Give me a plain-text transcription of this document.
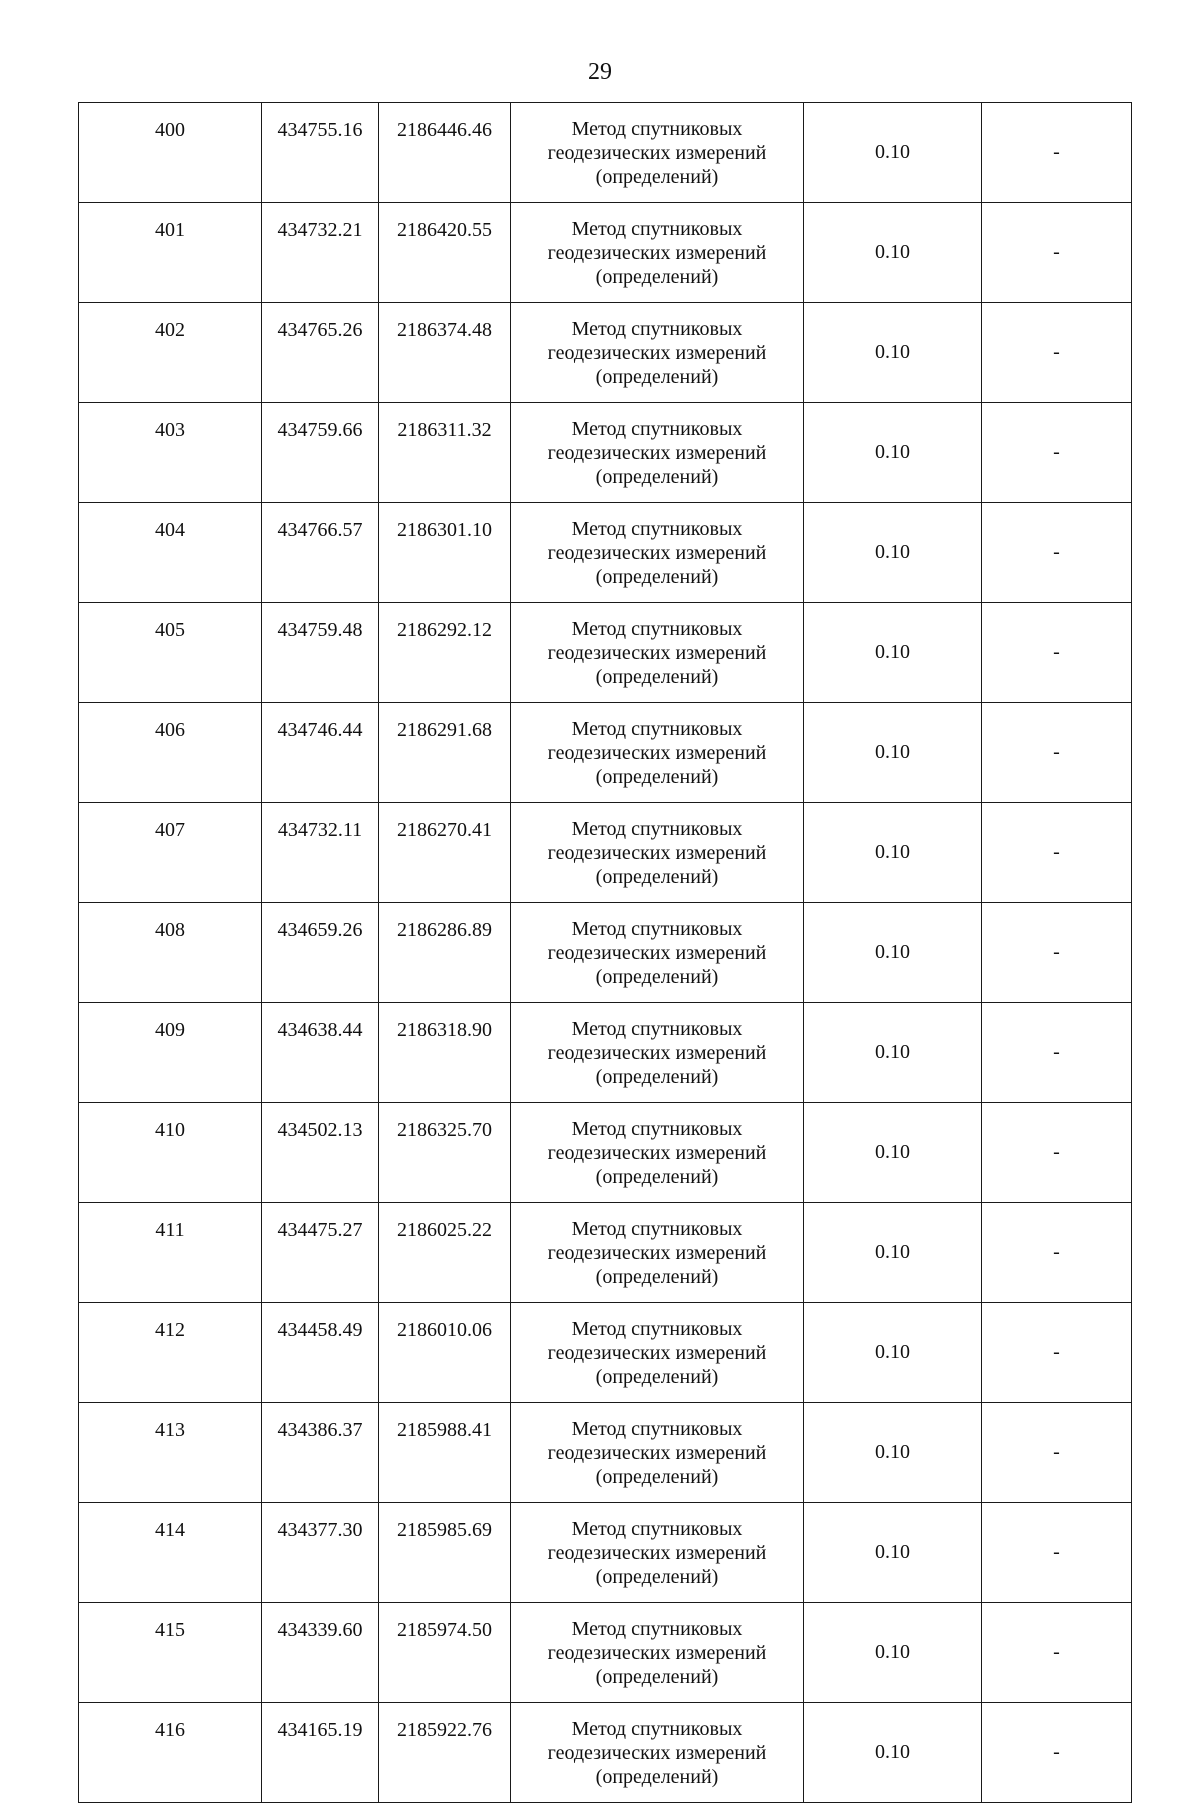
29
400	434755.16	2186446.46	Метод спутниковых
геодезических измерений
(определений)	0.10	-
401	434732.21	2186420.55	Метод спутниковых
геодезических измерений
(определений)	0.10	-
402	434765.26	2186374.48	Метод спутниковых
геодезических измерений
(определений)	0.10	-
403	434759.66	2186311.32	Метод спутниковых
геодезических измерений
(определений)	0.10	-
404	434766.57	2186301.10	Метод спутниковых
геодезических измерений
(определений)	0.10	-
405	434759.48	2186292.12	Метод спутниковых
геодезических измерений
(определений)	0.10	-
406	434746.44	2186291.68	Метод спутниковых
геодезических измерений
(определений)	0.10	-
407	434732.11	2186270.41	Метод спутниковых
геодезических измерений
(определений)	0.10	-
408	434659.26	2186286.89	Метод спутниковых
геодезических измерений
(определений)	0.10	-
409	434638.44	2186318.90	Метод спутниковых
геодезических измерений
(определений)	0.10	-
410	434502.13	2186325.70	Метод спутниковых
геодезических измерений
(определений)	0.10	-
411	434475.27	2186025.22	Метод спутниковых
геодезических измерений
(определений)	0.10	-
412	434458.49	2186010.06	Метод спутниковых
геодезических измерений
(определений)	0.10	-
413	434386.37	2185988.41	Метод спутниковых
геодезических измерений
(определений)	0.10	-
414	434377.30	2185985.69	Метод спутниковых
геодезических измерений
(определений)	0.10	-
415	434339.60	2185974.50	Метод спутниковых
геодезических измерений
(определений)	0.10	-
416	434165.19	2185922.76	Метод спутниковых
геодезических измерений
(определений)	0.10	-
